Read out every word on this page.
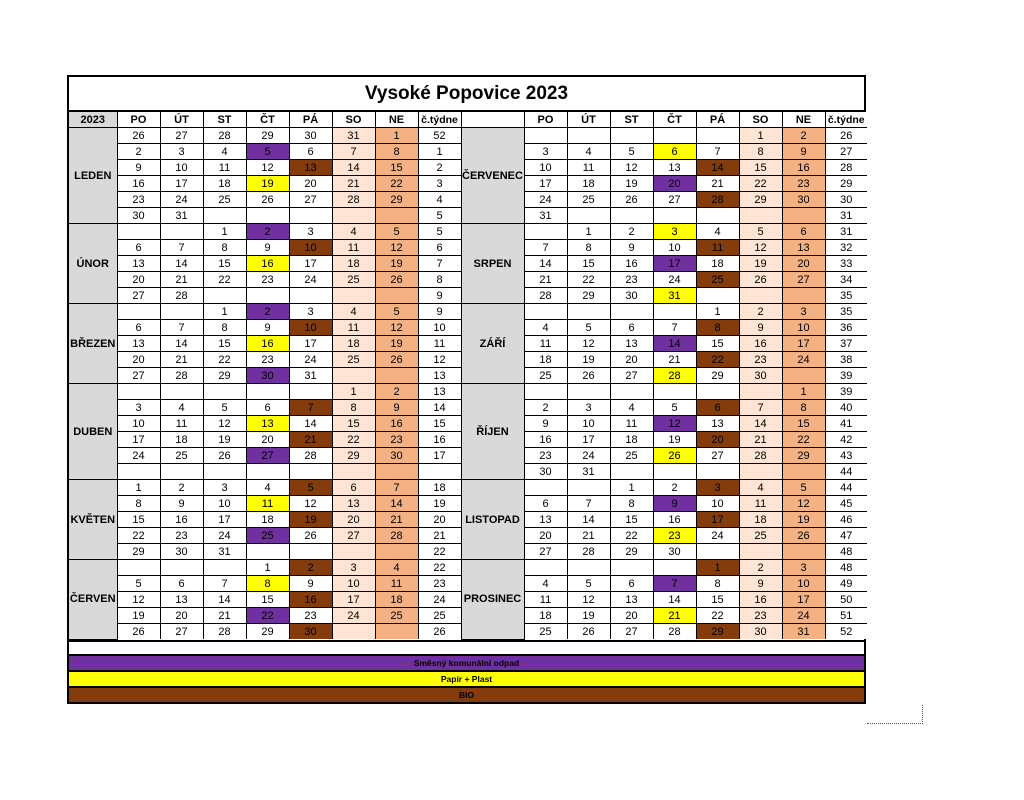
Vysoké Popovice 2023
2023	PO	ÚT	ST	ČT	PÁ	SO	NE	č.týdne		PO	ÚT	ST	ČT	PÁ	SO	NE	č.týdne
LEDEN	26	27	28	29	30	31	1	52	ČERVENEC						1	2	26
	2	3	4	5	6	7	8	1		3	4	5	6	7	8	9	27
	9	10	11	12	13	14	15	2		10	11	12	13	14	15	16	28
	16	17	18	19	20	21	22	3		17	18	19	20	21	22	23	29
	23	24	25	26	27	28	29	4		24	25	26	27	28	29	30	30
	30	31						5		31							31
ÚNOR			1	2	3	4	5	5	SRPEN		1	2	3	4	5	6	31
	6	7	8	9	10	11	12	6		7	8	9	10	11	12	13	32
	13	14	15	16	17	18	19	7		14	15	16	17	18	19	20	33
	20	21	22	23	24	25	26	8		21	22	23	24	25	26	27	34
	27	28						9		28	29	30	31				35
BŘEZEN			1	2	3	4	5	9	ZÁŘÍ					1	2	3	35
	6	7	8	9	10	11	12	10		4	5	6	7	8	9	10	36
	13	14	15	16	17	18	19	11		11	12	13	14	15	16	17	37
	20	21	22	23	24	25	26	12		18	19	20	21	22	23	24	38
	27	28	29	30	31			13		25	26	27	28	29	30		39
DUBEN						1	2	13	ŘÍJEN							1	39
	3	4	5	6	7	8	9	14		2	3	4	5	6	7	8	40
	10	11	12	13	14	15	16	15		9	10	11	12	13	14	15	41
	17	18	19	20	21	22	23	16		16	17	18	19	20	21	22	42
	24	25	26	27	28	29	30	17		23	24	25	26	27	28	29	43
										30	31						44
KVĚTEN	1	2	3	4	5	6	7	18	LISTOPAD			1	2	3	4	5	44
	8	9	10	11	12	13	14	19		6	7	8	9	10	11	12	45
	15	16	17	18	19	20	21	20		13	14	15	16	17	18	19	46
	22	23	24	25	26	27	28	21		20	21	22	23	24	25	26	47
	29	30	31					22		27	28	29	30				48
ČERVEN				1	2	3	4	22	PROSINEC					1	2	3	48
	5	6	7	8	9	10	11	23		4	5	6	7	8	9	10	49
	12	13	14	15	16	17	18	24		11	12	13	14	15	16	17	50
	19	20	21	22	23	24	25	25		18	19	20	21	22	23	24	51
	26	27	28	29	30			26		25	26	27	28	29	30	31	52
Směsný komunální odpad
Papír + Plast
BIO
